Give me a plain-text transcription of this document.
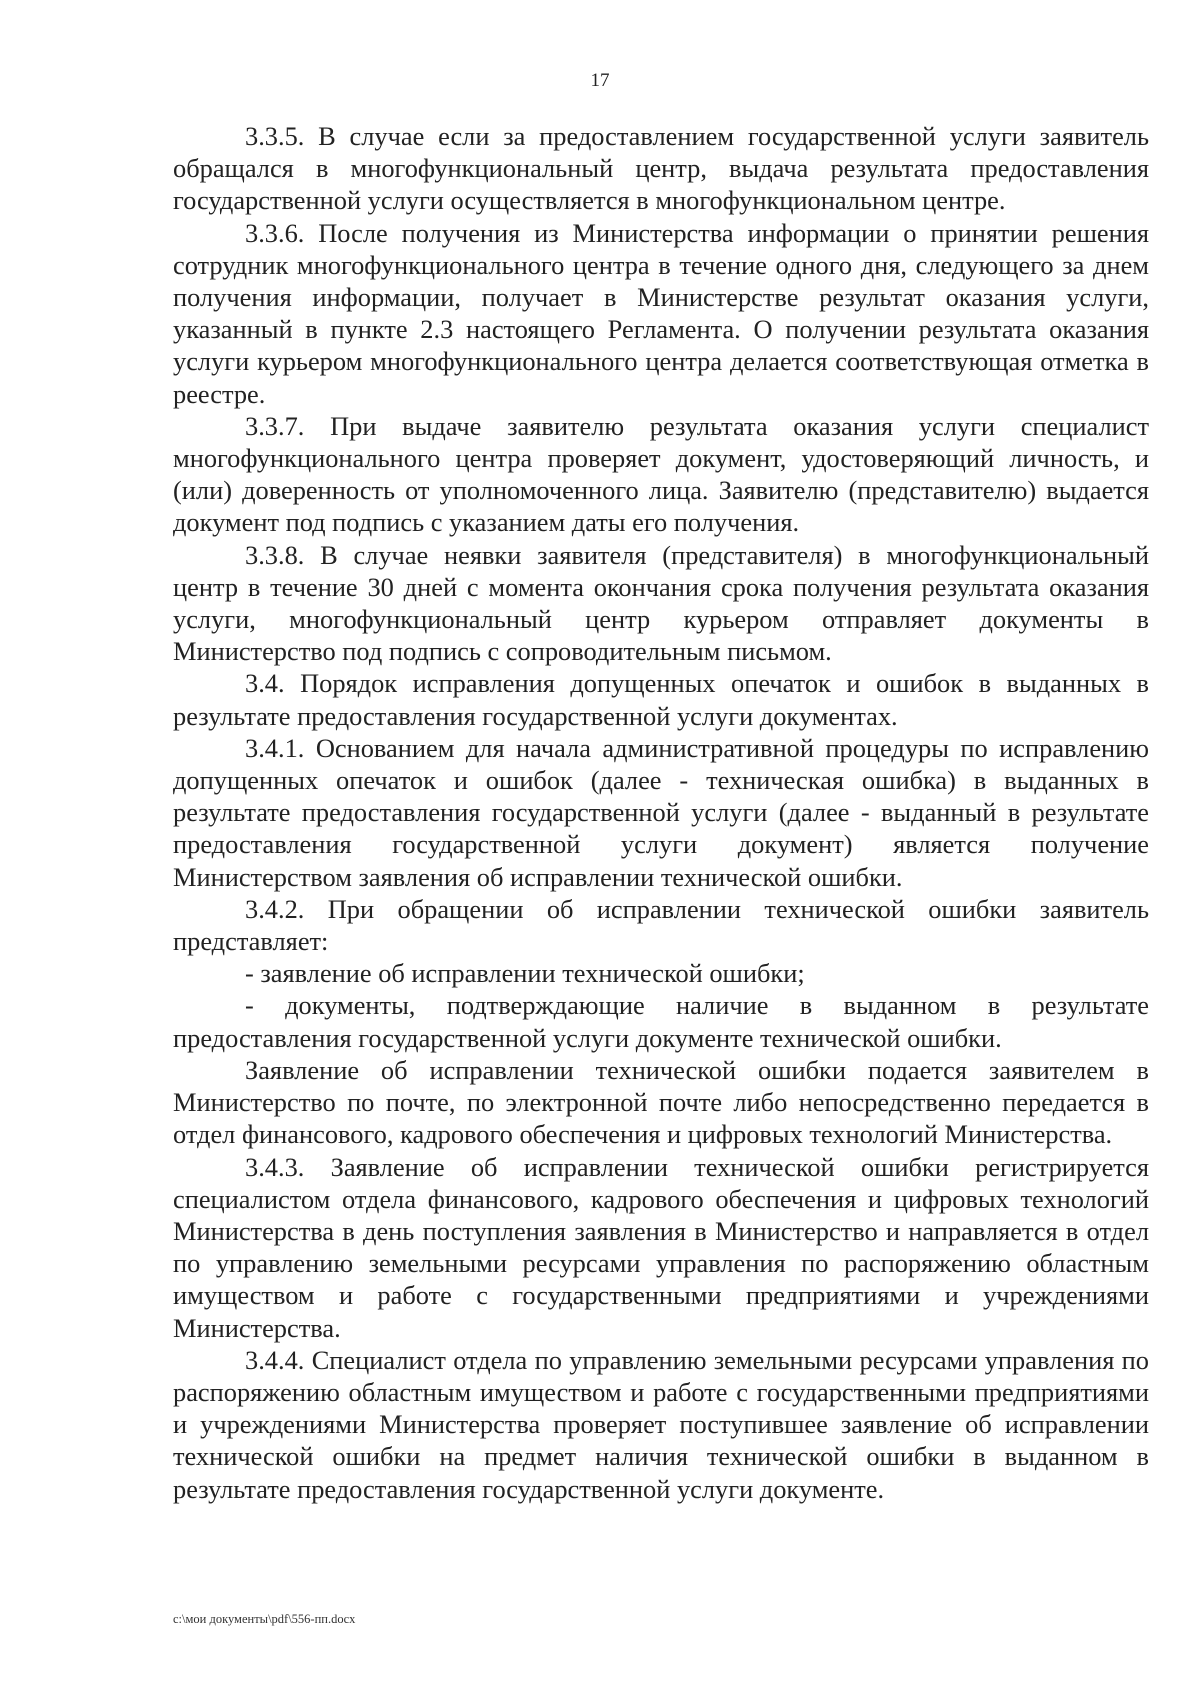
17

3.3.5. В случае если за предоставлением государственной услуги заявитель обращался в многофункциональный центр, выдача результата предоставления государственной услуги осуществляется в многофункциональном центре.

3.3.6. После получения из Министерства информации о принятии решения сотрудник многофункционального центра в течение одного дня, следующего за днем получения информации, получает в Министерстве результат оказания услуги, указанный в пункте 2.3 настоящего Регламента. О получении результата оказания услуги курьером многофункционального центра делается соответствующая отметка в реестре.

3.3.7. При выдаче заявителю результата оказания услуги специалист многофункционального центра проверяет документ, удостоверяющий личность, и (или) доверенность от уполномоченного лица. Заявителю (представителю) выдается документ под подпись с указанием даты его получения.

3.3.8. В случае неявки заявителя (представителя) в многофункциональный центр в течение 30 дней с момента окончания срока получения результата оказания услуги, многофункциональный центр курьером отправляет документы в Министерство под подпись с сопроводительным письмом.

3.4. Порядок исправления допущенных опечаток и ошибок в выданных в результате предоставления государственной услуги документах.

3.4.1. Основанием для начала административной процедуры по исправлению допущенных опечаток и ошибок (далее - техническая ошибка) в выданных в результате предоставления государственной услуги (далее - выданный в результате предоставления государственной услуги документ) является получение Министерством заявления об исправлении технической ошибки.

3.4.2. При обращении об исправлении технической ошибки заявитель представляет:

- заявление об исправлении технической ошибки;

- документы, подтверждающие наличие в выданном в результате предоставления государственной услуги документе технической ошибки.

Заявление об исправлении технической ошибки подается заявителем в Министерство по почте, по электронной почте либо непосредственно передается в отдел финансового, кадрового обеспечения и цифровых технологий Министерства.

3.4.3. Заявление об исправлении технической ошибки регистрируется специалистом отдела финансового, кадрового обеспечения и цифровых технологий Министерства в день поступления заявления в Министерство и направляется в отдел по управлению земельными ресурсами управления по распоряжению областным имуществом и работе с государственными предприятиями и учреждениями Министерства.

3.4.4. Специалист отдела по управлению земельными ресурсами управления по распоряжению областным имуществом и работе с государственными предприятиями и учреждениями Министерства проверяет поступившее заявление об исправлении технической ошибки на предмет наличия технической ошибки в выданном в результате предоставления государственной услуги документе.

c:\мои документы\pdf\556-пп.docx
